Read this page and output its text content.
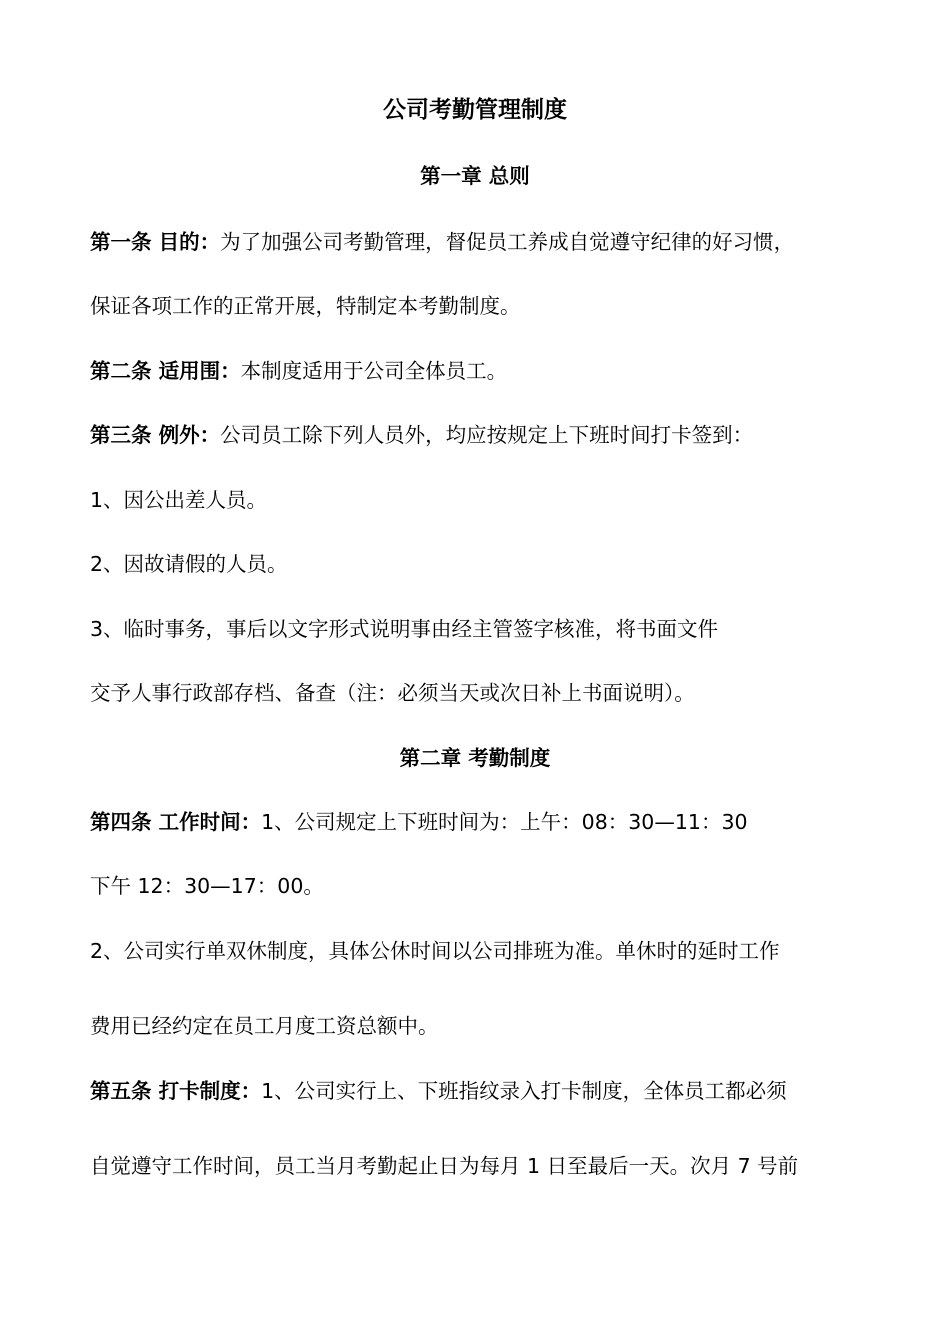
公司考勤管理制度
第一章 总则
第一条 目的：为了加强公司考勤管理，督促员工养成自觉遵守纪律的好习惯，
保证各项工作的正常开展，特制定本考勤制度。
第二条 适用围：本制度适用于公司全体员工。
第三条 例外：公司员工除下列人员外，均应按规定上下班时间打卡签到：
1、因公出差人员。
2、因故请假的人员。
3、临时事务，事后以文字形式说明事由经主管签字核准，将书面文件
交予人事行政部存档、备查（注：必须当天或次日补上书面说明）。
第二章 考勤制度
第四条 工作时间：1、公司规定上下班时间为：上午：08：30—11：30
下午 12：30—17：00。
2、公司实行单双休制度，具体公休时间以公司排班为准。单休时的延时工作
费用已经约定在员工月度工资总额中。
第五条 打卡制度：1、公司实行上、下班指纹录入打卡制度，全体员工都必须
自觉遵守工作时间，员工当月考勤起止日为每月 1 日至最后一天。次月 7 号前
